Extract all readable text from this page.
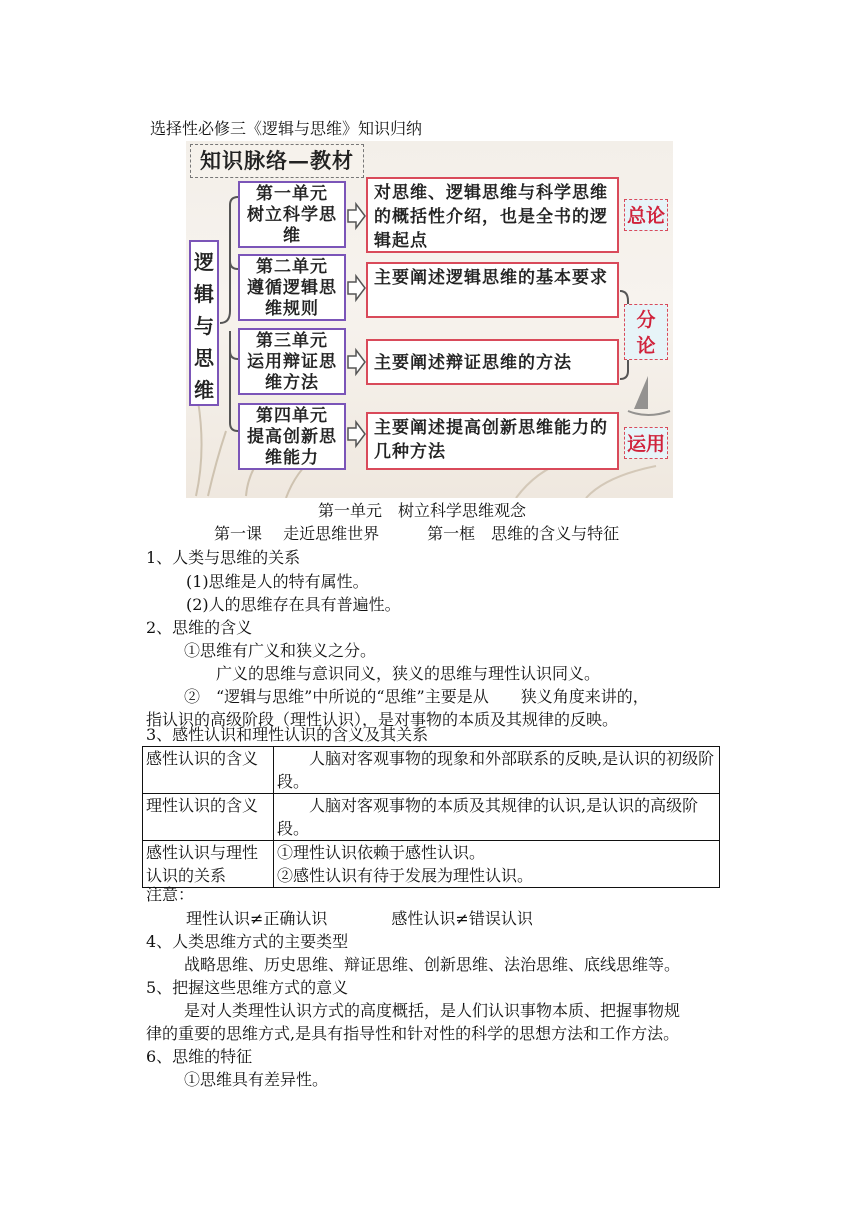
选择性必修三《逻辑与思维》知识归纳
知识脉络—教材
逻
辑
与
思
维
第一单元
树立科学思
维
第二单元
遵循逻辑思
维规则
第三单元
运用辩证思
维方法
第四单元
提高创新思
维能力
对思维、逻辑思维与科学思维的概括性介绍，也是全书的逻辑起点
主要阐述逻辑思维的基本要求
主要阐述辩证思维的方法
主要阐述提高创新思维能力的几种方法
总论
分
论
运用
第一单元　树立科学思维观念
第一课　 走近思维世界　　　第一框　思维的含义与特征
1、人类与思维的关系
(1)思维是人的特有属性。
(2)人的思维存在具有普遍性。
2、思维的含义
①思维有广义和狭义之分。
广义的思维与意识同义，狭义的思维与理性认识同义。
②　“逻辑与思维”中所说的“思维”主要是从　　狭义角度来讲的，
指认识的高级阶段（理性认识），是对事物的本质及其规律的反映。
3、感性认识和理性认识的含义及其关系
感性认识的含义	　　人脑对客观事物的现象和外部联系的反映,是认识的初级阶段。
理性认识的含义	　　人脑对客观事物的本质及其规律的认识,是认识的高级阶段。
感性认识与理性认识的关系	①理性认识依赖于感性认识。
②感性认识有待于发展为理性认识。
注意：
理性认识≠正确认识　　　　感性认识≠错误认识
4、人类思维方式的主要类型
战略思维、历史思维、辩证思维、创新思维、法治思维、底线思维等。
5、把握这些思维方式的意义
是对人类理性认识方式的高度概括，是人们认识事物本质、把握事物规
律的重要的思维方式,是具有指导性和针对性的科学的思想方法和工作方法。
6、思维的特征
①思维具有差异性。
